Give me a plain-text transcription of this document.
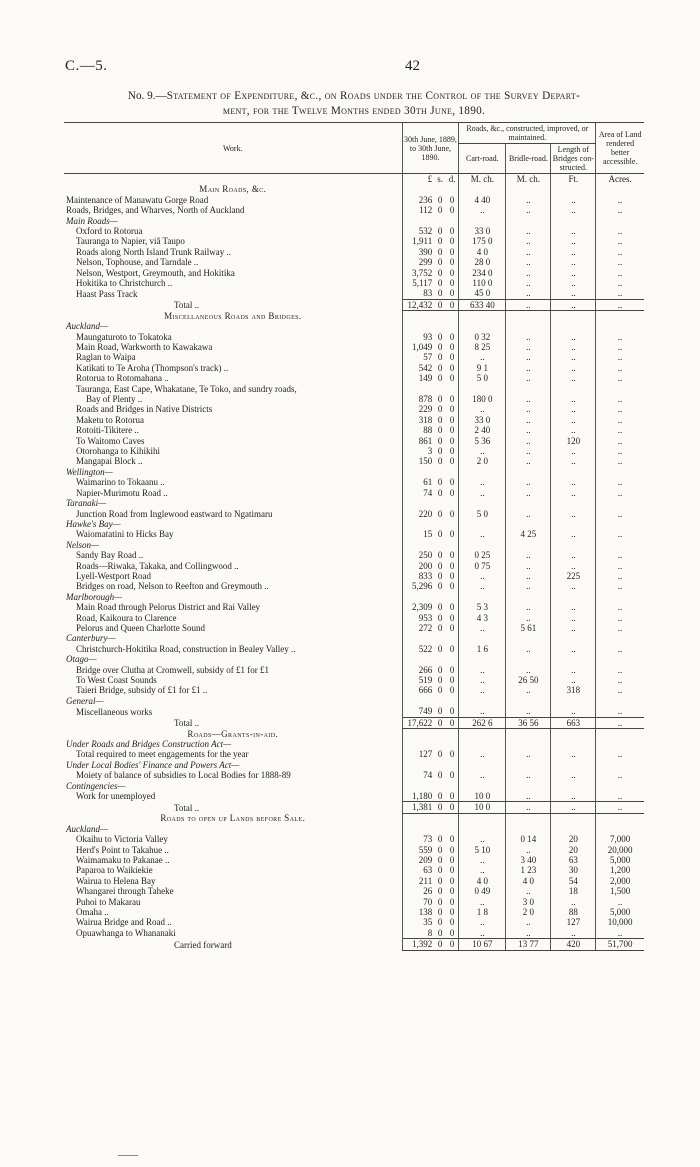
C.—5.	42
No. 9.—Statement of Expenditure, &c., on Roads under the Control of the Survey Depart-
ment, for the Twelve Months ended 30th June, 1890.
Work.	30th June, 1889, to 30th June, 1890.			Roads, &c., constructed, improved, or maintained.			Area of Land rendered better accessible.
				Cart-road.	Bridle-road.	Length of Bridges con-structed.	
	£	s.	d.	M. ch.	M. ch.	Ft.	Acres.
Main Roads, &c.							
Maintenance of Manawatu Gorge Road	236	0	0	4 40	..	..	..
Roads, Bridges, and Wharves, North of Auckland	112	0	0	..	..	..	..
Main Roads—							
Oxford to Rotorua	532	0	0	33 0	..	..	..
Tauranga to Napier, viâ Taupo	1,911	0	0	175 0	..	..	..
Roads along North Island Trunk Railway ..	390	0	0	4 0	..	..	..
Nelson, Tophouse, and Tarndale ..	299	0	0	28 0	..	..	..
Nelson, Westport, Greymouth, and Hokitika	3,752	0	0	234 0	..	..	..
Hokitika to Christchurch ..	5,117	0	0	110 0	..	..	..
Haast Pass Track	83	0	0	45 0	..	..	..
Total ..	12,432	0	0	633 40	..	..	..
Miscellaneous Roads and Bridges.							
Auckland—							
Maungaturoto to Tokatoka	93	0	0	0 32	..	..	..
Main Road, Warkworth to Kawakawa	1,049	0	0	8 25	..	..	..
Raglan to Waipa	57	0	0	..	..	..	..
Katikati to Te Aroha (Thompson's track) ..	542	0	0	9 1	..	..	..
Rotorua to Rotomahana ..	149	0	0	5 0	..	..	..
Tauranga, East Cape, Whakatane, Te Toko, and sundry roads,							
Bay of Plenty ..	878	0	0	180 0	..	..	..
Roads and Bridges in Native Districts	229	0	0	..	..	..	..
Maketu to Rotorua	318	0	0	33 0	..	..	..
Rotoiti-Tikitere ..	88	0	0	2 40	..	..	..
To Waitomo Caves	861	0	0	5 36	..	120	..
Otorohanga to Kihikihi	3	0	0	..	..	..	..
Mangapai Block ..	150	0	0	2 0	..	..	..
Wellington—							
Waimarino to Tokaanu ..	61	0	0	..	..	..	..
Napier-Murimotu Road ..	74	0	0	..	..	..	..
Taranaki—							
Junction Road from Inglewood eastward to Ngatimaru	220	0	0	5 0	..	..	..
Hawke's Bay—							
Waiomatatini to Hicks Bay	15	0	0	..	4 25	..	..
Nelson—							
Sandy Bay Road ..	250	0	0	0 25	..	..	..
Roads—Riwaka, Takaka, and Collingwood ..	200	0	0	0 75	..	..	..
Lyell-Westport Road	833	0	0	..	..	225	..
Bridges on road, Nelson to Reefton and Greymouth ..	5,296	0	0	..	..	..	..
Marlborough—							
Main Road through Pelorus District and Rai Valley	2,309	0	0	5 3	..	..	..
Road, Kaikoura to Clarence	953	0	0	4 3	..	..	..
Pelorus and Queen Charlotte Sound	272	0	0	..	5 61	..	..
Canterbury—							
Christchurch-Hokitika Road, construction in Bealey Valley ..	522	0	0	1 6	..	..	..
Otago—							
Bridge over Clutha at Cromwell, subsidy of £1 for £1	266	0	0	..	..	..	..
To West Coast Sounds	519	0	0	..	26 50	..	..
Taieri Bridge, subsidy of £1 for £1 ..	666	0	0	..	..	318	..
General—							
Miscellaneous works	749	0	0	..	..	..	..
Total ..	17,622	0	0	262 6	36 56	663	..
Roads—Grants-in-aid.							
Under Roads and Bridges Construction Act—							
Total required to meet engagements for the year	127	0	0	..	..	..	..
Under Local Bodies' Finance and Powers Act—							
Moiety of balance of subsidies to Local Bodies for 1888-89	74	0	0	..	..	..	..
Contingencies—							
Work for unemployed	1,180	0	0	10 0	..	..	..
Total ..	1,381	0	0	10 0	..	..	..
Roads to open up Lands before Sale.							
Auckland—							
Okaihu to Victoria Valley	73	0	0	..	0 14	20	7,000
Herd's Point to Takahue ..	559	0	0	5 10	..	20	20,000
Waimamaku to Pakanae ..	209	0	0	..	3 40	63	5,000
Paparoa to Waikiekie	63	0	0	..	1 23	30	1,200
Wairua to Helena Bay	211	0	0	4 0	4 0	54	2,000
Whangarei through Taheke	26	0	0	0 49	..	18	1,500
Puhoi to Makarau	70	0	0	..	3 0	..	..
Omaha ..	138	0	0	1 8	2 0	88	5,000
Wairua Bridge and Road ..	35	0	0	..	..	127	10,000
Opuawhanga to Whananaki	8	0	0	..	..	..	..
Carried forward	1,392	0	0	10 67	13 77	420	51,700
